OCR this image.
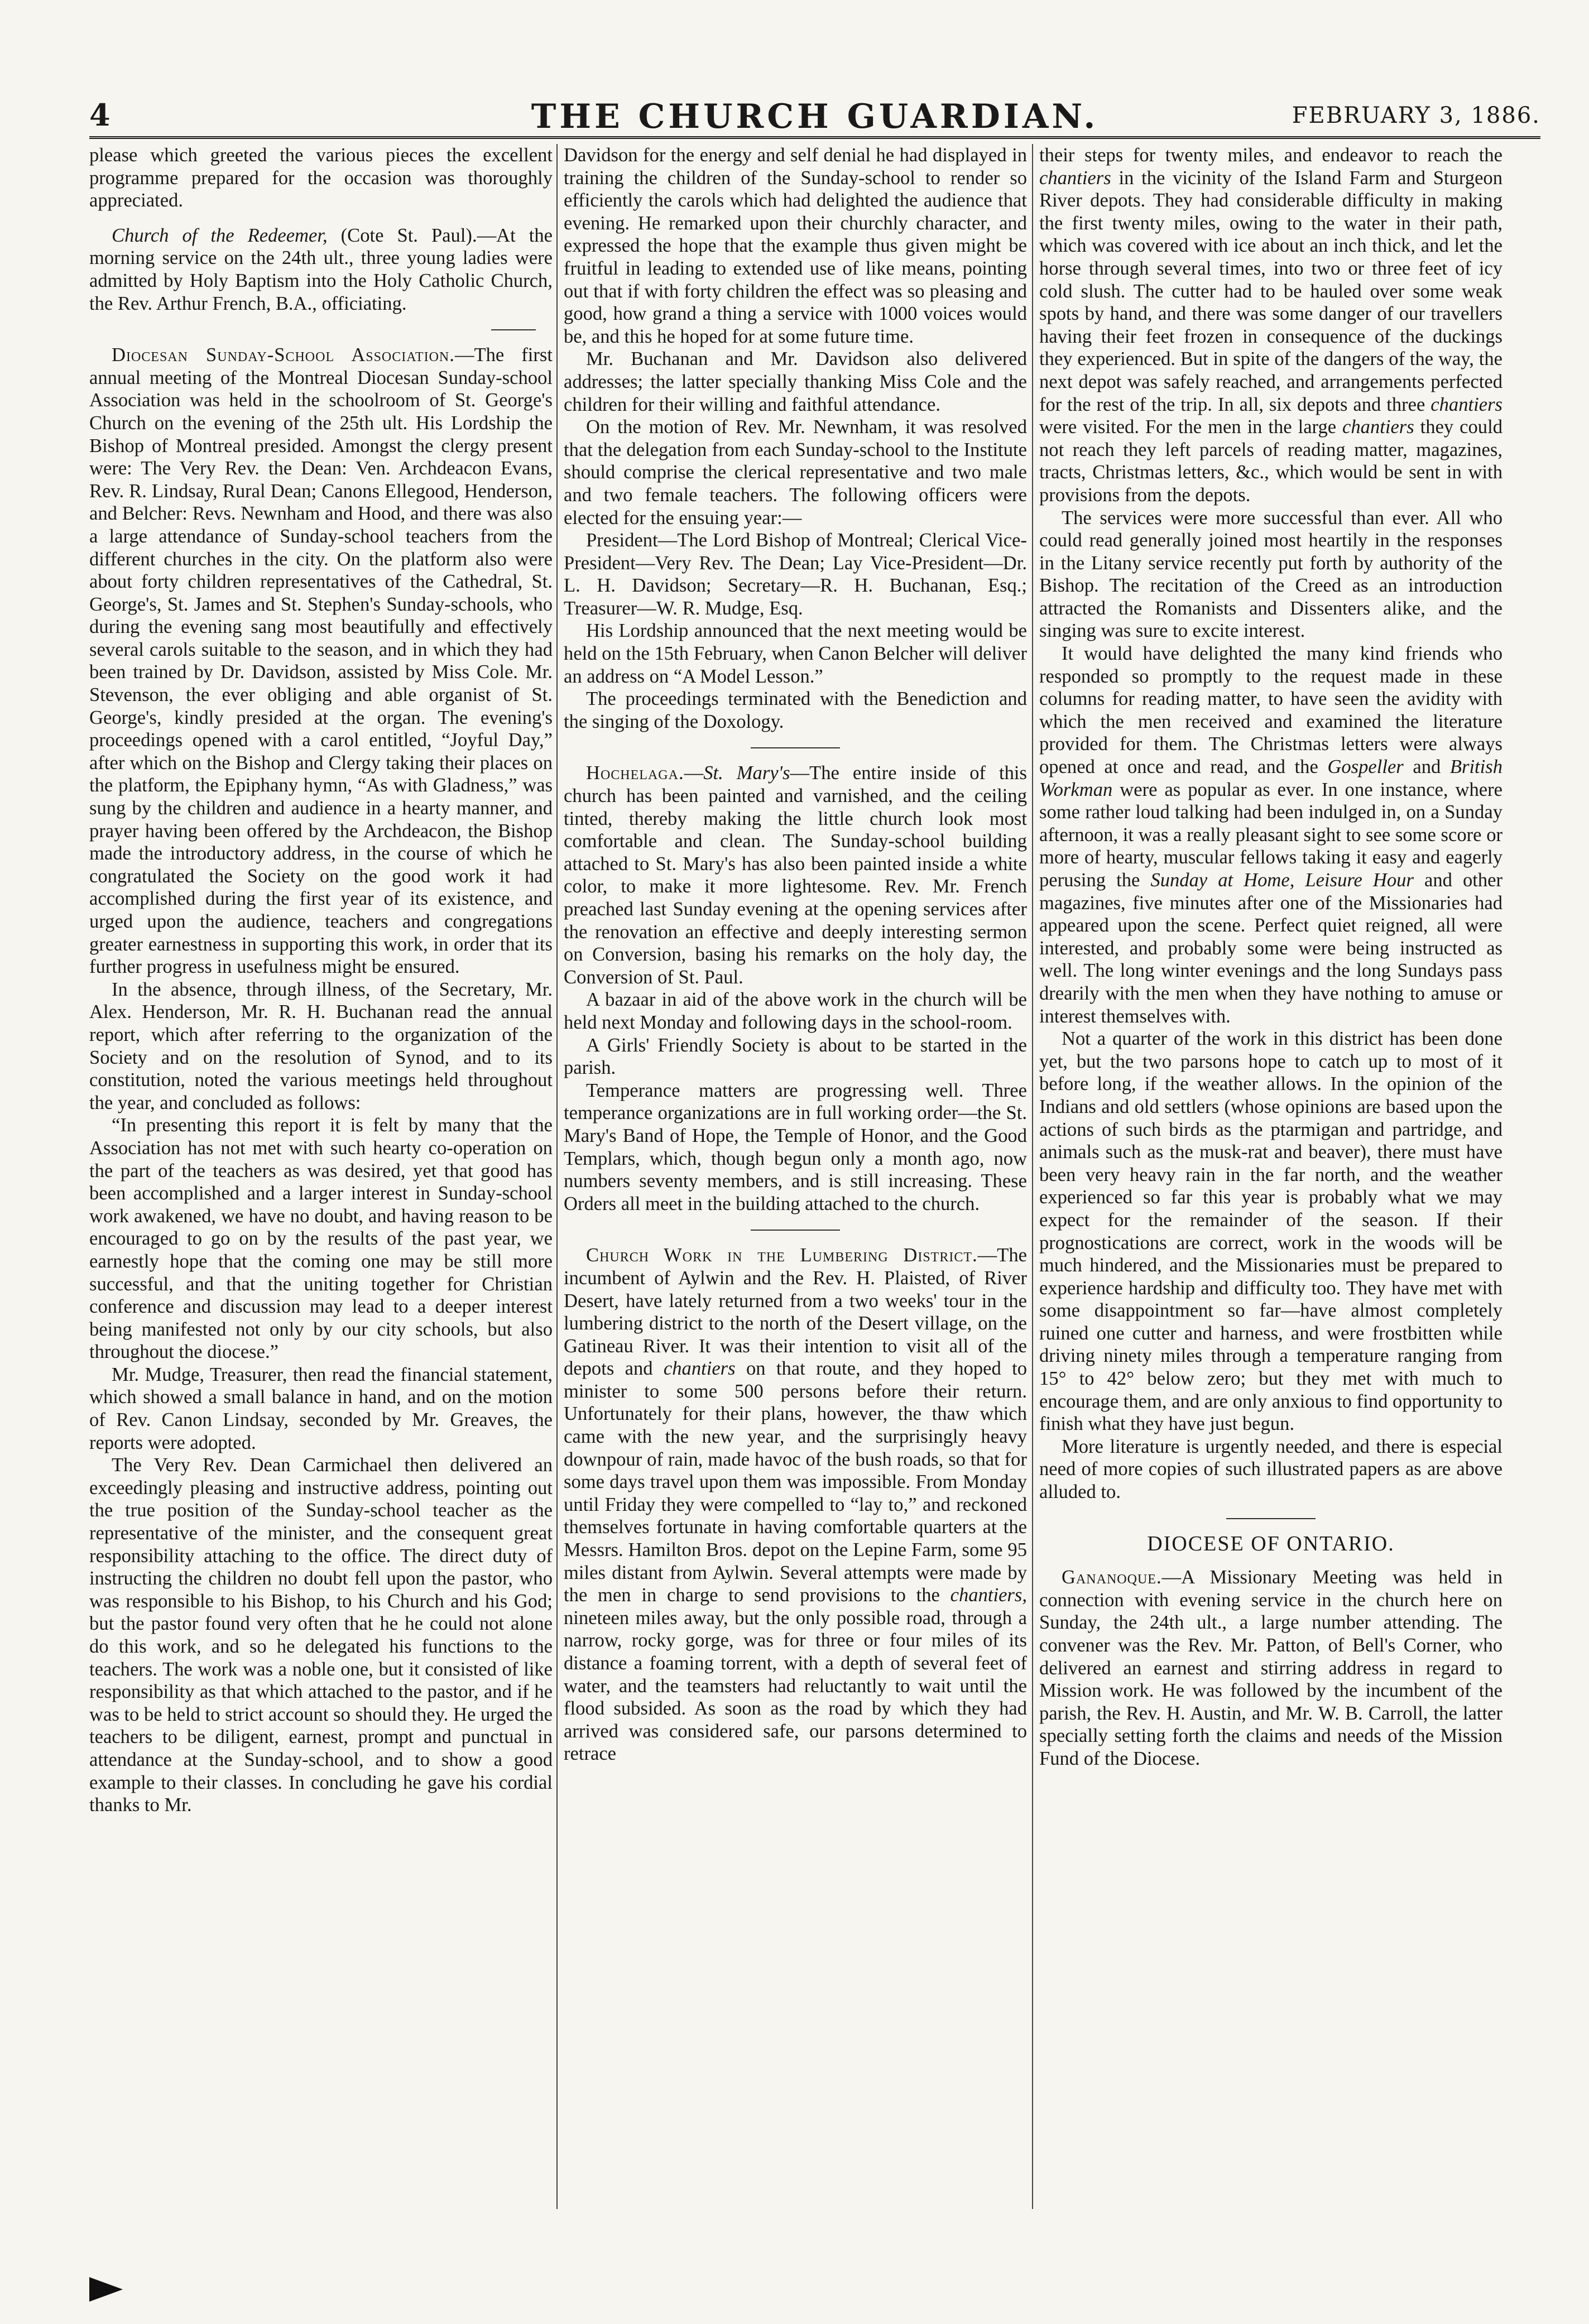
4	THE CHURCH GUARDIAN.	FEBRUARY 3, 1886.

please which greeted the various pieces the excellent programme prepared for the occasion was thoroughly appreciated.

Church of the Redeemer, (Cote St. Paul).—At the morning service on the 24th ult., three young ladies were admitted by Holy Baptism into the Holy Catholic Church, the Rev. Arthur French, B.A., officiating.

Diocesan Sunday-School Association.—The first annual meeting of the Montreal Diocesan Sunday-school Association was held in the schoolroom of St. George's Church on the evening of the 25th ult. His Lordship the Bishop of Montreal presided. Amongst the clergy present were: The Very Rev. the Dean: Ven. Archdeacon Evans, Rev. R. Lindsay, Rural Dean; Canons Ellegood, Henderson, and Belcher: Revs. Newnham and Hood, and there was also a large attendance of Sunday-school teachers from the different churches in the city. On the platform also were about forty children representatives of the Cathedral, St. George's, St. James and St. Stephen's Sunday-schools, who during the evening sang most beautifully and effectively several carols suitable to the season, and in which they had been trained by Dr. Davidson, assisted by Miss Cole. Mr. Stevenson, the ever obliging and able organist of St. George's, kindly presided at the organ. The evening's proceedings opened with a carol entitled, “Joyful Day,” after which on the Bishop and Clergy taking their places on the platform, the Epiphany hymn, “As with Gladness,” was sung by the children and audience in a hearty manner, and prayer having been offered by the Archdeacon, the Bishop made the introductory address, in the course of which he congratulated the Society on the good work it had accomplished during the first year of its existence, and urged upon the audience, teachers and congregations greater earnestness in supporting this work, in order that its further progress in usefulness might be ensured.

In the absence, through illness, of the Secretary, Mr. Alex. Henderson, Mr. R. H. Buchanan read the annual report, which after referring to the organization of the Society and on the resolution of Synod, and to its constitution, noted the various meetings held throughout the year, and concluded as follows:

“In presenting this report it is felt by many that the Association has not met with such hearty co-operation on the part of the teachers as was desired, yet that good has been accomplished and a larger interest in Sunday-school work awakened, we have no doubt, and having reason to be encouraged to go on by the results of the past year, we earnestly hope that the coming one may be still more successful, and that the uniting together for Christian conference and discussion may lead to a deeper interest being manifested not only by our city schools, but also throughout the diocese.”

Mr. Mudge, Treasurer, then read the financial statement, which showed a small balance in hand, and on the motion of Rev. Canon Lindsay, seconded by Mr. Greaves, the reports were adopted.

The Very Rev. Dean Carmichael then delivered an exceedingly pleasing and instructive address, pointing out the true position of the Sunday-school teacher as the representative of the minister, and the consequent great responsibility attaching to the office. The direct duty of instructing the children no doubt fell upon the pastor, who was responsible to his Bishop, to his Church and his God; but the pastor found very often that he he could not alone do this work, and so he delegated his functions to the teachers. The work was a noble one, but it consisted of like responsibility as that which attached to the pastor, and if he was to be held to strict account so should they. He urged the teachers to be diligent, earnest, prompt and punctual in attendance at the Sunday-school, and to show a good example to their classes. In concluding he gave his cordial thanks to Mr.

Davidson for the energy and self denial he had displayed in training the children of the Sunday-school to render so efficiently the carols which had delighted the audience that evening. He remarked upon their churchly character, and expressed the hope that the example thus given might be fruitful in leading to extended use of like means, pointing out that if with forty children the effect was so pleasing and good, how grand a thing a service with 1000 voices would be, and this he hoped for at some future time.

Mr. Buchanan and Mr. Davidson also delivered addresses; the latter specially thanking Miss Cole and the children for their willing and faithful attendance.

On the motion of Rev. Mr. Newnham, it was resolved that the delegation from each Sunday-school to the Institute should comprise the clerical representative and two male and two female teachers. The following officers were elected for the ensuing year:—

President—The Lord Bishop of Montreal; Clerical Vice-President—Very Rev. The Dean; Lay Vice-President—Dr. L. H. Davidson; Secretary—R. H. Buchanan, Esq.; Treasurer—W. R. Mudge, Esq.

His Lordship announced that the next meeting would be held on the 15th February, when Canon Belcher will deliver an address on “A Model Lesson.”

The proceedings terminated with the Benediction and the singing of the Doxology.

Hochelaga.—St. Mary's—The entire inside of this church has been painted and varnished, and the ceiling tinted, thereby making the little church look most comfortable and clean. The Sunday-school building attached to St. Mary's has also been painted inside a white color, to make it more lightesome. Rev. Mr. French preached last Sunday evening at the opening services after the renovation an effective and deeply interesting sermon on Conversion, basing his remarks on the holy day, the Conversion of St. Paul.

A bazaar in aid of the above work in the church will be held next Monday and following days in the school-room.

A Girls' Friendly Society is about to be started in the parish.

Temperance matters are progressing well. Three temperance organizations are in full working order—the St. Mary's Band of Hope, the Temple of Honor, and the Good Templars, which, though begun only a month ago, now numbers seventy members, and is still increasing. These Orders all meet in the building attached to the church.

Church Work in the Lumbering District.—The incumbent of Aylwin and the Rev. H. Plaisted, of River Desert, have lately returned from a two weeks' tour in the lumbering district to the north of the Desert village, on the Gatineau River. It was their intention to visit all of the depots and chantiers on that route, and they hoped to minister to some 500 persons before their return. Unfortunately for their plans, however, the thaw which came with the new year, and the surprisingly heavy downpour of rain, made havoc of the bush roads, so that for some days travel upon them was impossible. From Monday until Friday they were compelled to “lay to,” and reckoned themselves fortunate in having comfortable quarters at the Messrs. Hamilton Bros. depot on the Lepine Farm, some 95 miles distant from Aylwin. Several attempts were made by the men in charge to send provisions to the chantiers, nineteen miles away, but the only possible road, through a narrow, rocky gorge, was for three or four miles of its distance a foaming torrent, with a depth of several feet of water, and the teamsters had reluctantly to wait until the flood subsided. As soon as the road by which they had arrived was considered safe, our parsons determined to retrace

their steps for twenty miles, and endeavor to reach the chantiers in the vicinity of the Island Farm and Sturgeon River depots. They had considerable difficulty in making the first twenty miles, owing to the water in their path, which was covered with ice about an inch thick, and let the horse through several times, into two or three feet of icy cold slush. The cutter had to be hauled over some weak spots by hand, and there was some danger of our travellers having their feet frozen in consequence of the duckings they experienced. But in spite of the dangers of the way, the next depot was safely reached, and arrangements perfected for the rest of the trip. In all, six depots and three chantiers were visited. For the men in the large chantiers they could not reach they left parcels of reading matter, magazines, tracts, Christmas letters, &c., which would be sent in with provisions from the depots.

The services were more successful than ever. All who could read generally joined most heartily in the responses in the Litany service recently put forth by authority of the Bishop. The recitation of the Creed as an introduction attracted the Romanists and Dissenters alike, and the singing was sure to excite interest.

It would have delighted the many kind friends who responded so promptly to the request made in these columns for reading matter, to have seen the avidity with which the men received and examined the literature provided for them. The Christmas letters were always opened at once and read, and the Gospeller and British Workman were as popular as ever. In one instance, where some rather loud talking had been indulged in, on a Sunday afternoon, it was a really pleasant sight to see some score or more of hearty, muscular fellows taking it easy and eagerly perusing the Sunday at Home, Leisure Hour and other magazines, five minutes after one of the Missionaries had appeared upon the scene. Perfect quiet reigned, all were interested, and probably some were being instructed as well. The long winter evenings and the long Sundays pass drearily with the men when they have nothing to amuse or interest themselves with.

Not a quarter of the work in this district has been done yet, but the two parsons hope to catch up to most of it before long, if the weather allows. In the opinion of the Indians and old settlers (whose opinions are based upon the actions of such birds as the ptarmigan and partridge, and animals such as the musk-rat and beaver), there must have been very heavy rain in the far north, and the weather experienced so far this year is probably what we may expect for the remainder of the season. If their prognostications are correct, work in the woods will be much hindered, and the Missionaries must be prepared to experience hardship and difficulty too. They have met with some disappointment so far—have almost completely ruined one cutter and harness, and were frostbitten while driving ninety miles through a temperature ranging from 15° to 42° below zero; but they met with much to encourage them, and are only anxious to find opportunity to finish what they have just begun.

More literature is urgently needed, and there is especial need of more copies of such illustrated papers as are above alluded to.

DIOCESE OF ONTARIO.

Gananoque.—A Missionary Meeting was held in connection with evening service in the church here on Sunday, the 24th ult., a large number attending. The convener was the Rev. Mr. Patton, of Bell's Corner, who delivered an earnest and stirring address in regard to Mission work. He was followed by the incumbent of the parish, the Rev. H. Austin, and Mr. W. B. Carroll, the latter specially setting forth the claims and needs of the Mission Fund of the Diocese.
